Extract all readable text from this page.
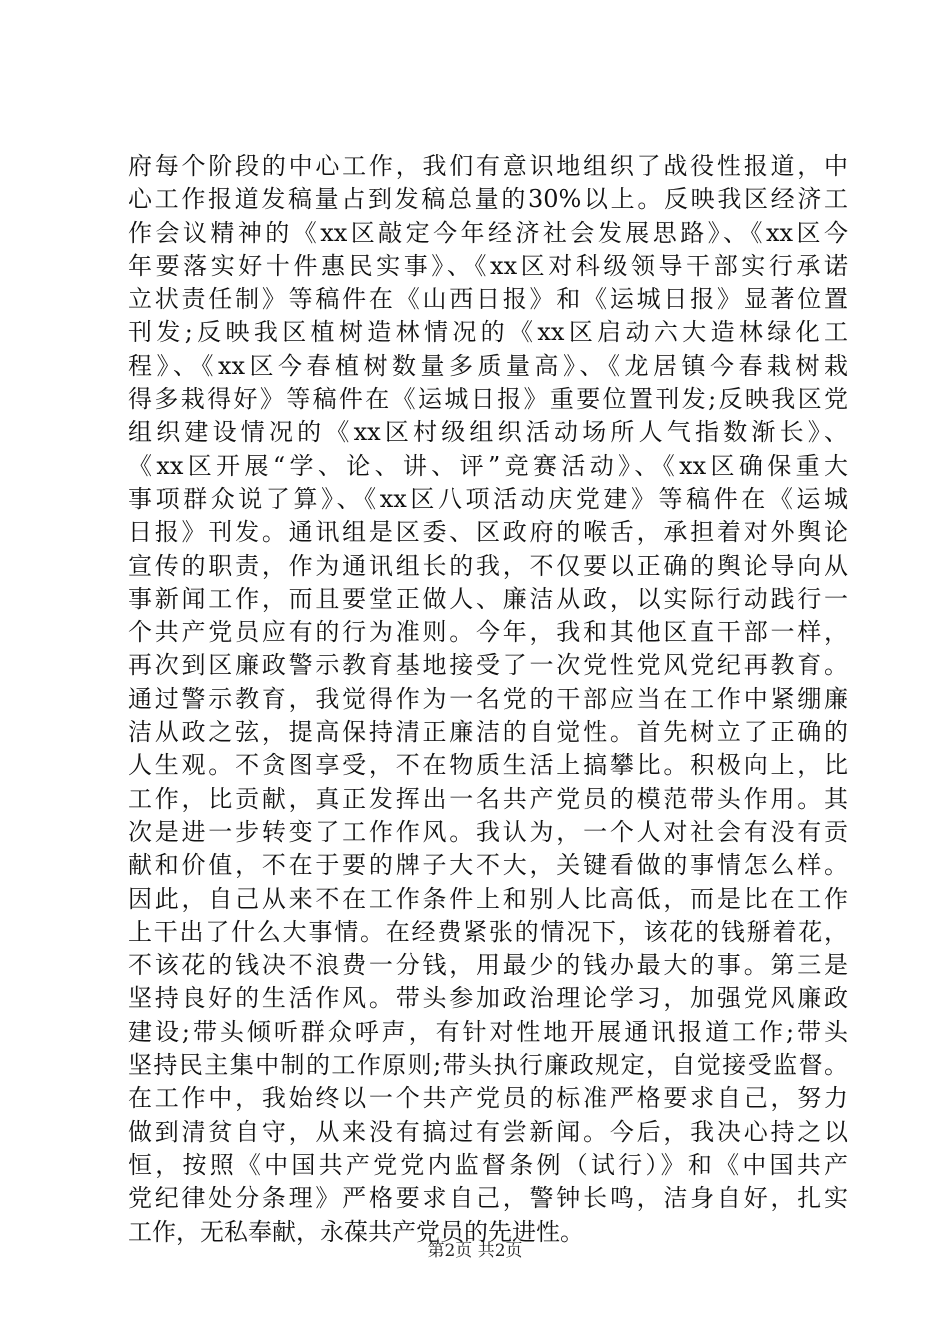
府每个阶段的中心工作，我们有意识地组织了战役性报道，中
心工作报道发稿量占到发稿总量的30%以上。反映我区经济工
作会议精神的《xx区敲定今年经济社会发展思路》、《xx区今
年要落实好十件惠民实事》、《xx区对科级领导干部实行承诺
立状责任制》等稿件在《山西日报》和《运城日报》显著位置
刊发;反映我区植树造林情况的《xx区启动六大造林绿化工
程》、《xx区今春植树数量多质量高》、《龙居镇今春栽树栽
得多栽得好》等稿件在《运城日报》重要位置刊发;反映我区党
组织建设情况的《xx区村级组织活动场所人气指数渐长》、
《xx区开展“学、论、讲、评”竞赛活动》、《xx区确保重大
事项群众说了算》、《xx区八项活动庆党建》等稿件在《运城
日报》刊发。通讯组是区委、区政府的喉舌，承担着对外舆论
宣传的职责，作为通讯组长的我，不仅要以正确的舆论导向从
事新闻工作，而且要堂正做人、廉洁从政，以实际行动践行一
个共产党员应有的行为准则。今年，我和其他区直干部一样，
再次到区廉政警示教育基地接受了一次党性党风党纪再教育。
通过警示教育，我觉得作为一名党的干部应当在工作中紧绷廉
洁从政之弦，提高保持清正廉洁的自觉性。首先树立了正确的
人生观。不贪图享受，不在物质生活上搞攀比。积极向上，比
工作，比贡献，真正发挥出一名共产党员的模范带头作用。其
次是进一步转变了工作作风。我认为，一个人对社会有没有贡
献和价值，不在于要的牌子大不大，关键看做的事情怎么样。
因此，自己从来不在工作条件上和别人比高低，而是比在工作
上干出了什么大事情。在经费紧张的情况下，该花的钱掰着花，
不该花的钱决不浪费一分钱，用最少的钱办最大的事。第三是
坚持良好的生活作风。带头参加政治理论学习，加强党风廉政
建设;带头倾听群众呼声，有针对性地开展通讯报道工作;带头
坚持民主集中制的工作原则;带头执行廉政规定，自觉接受监督。
在工作中，我始终以一个共产党员的标准严格要求自己，努力
做到清贫自守，从来没有搞过有尝新闻。今后，我决心持之以
恒，按照《中国共产党党内监督条例（试行）》和《中国共产
党纪律处分条理》严格要求自己，警钟长鸣，洁身自好，扎实
工作，无私奉献，永葆共产党员的先进性。
第2页 共2页
